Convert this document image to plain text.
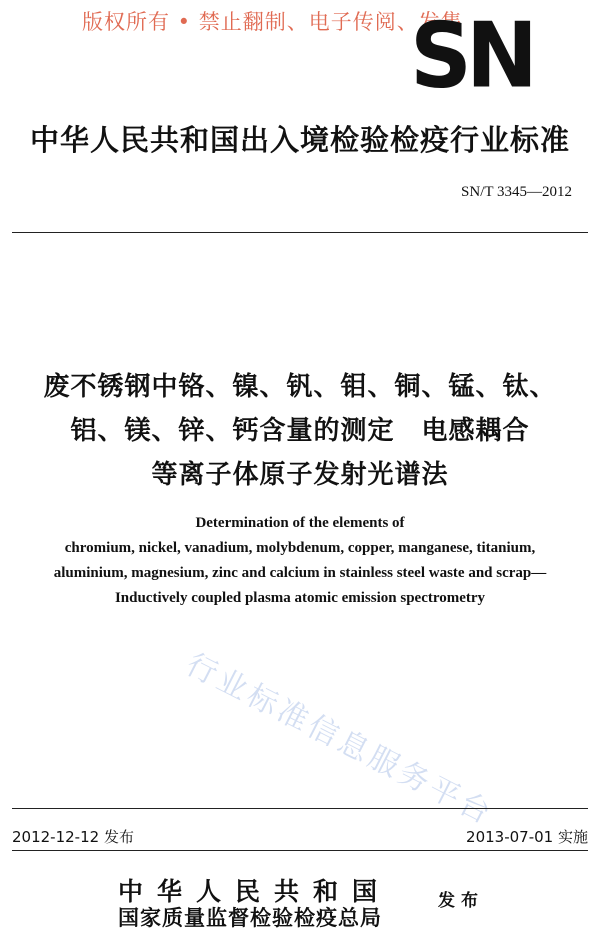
版权所有 • 禁止翻制、电子传阅、发售
SN
中华人民共和国出入境检验检疫行业标准
SN/T 3345—2012
废不锈钢中铬、镍、钒、钼、铜、锰、钛、
铝、镁、锌、钙含量的测定　电感耦合
等离子体原子发射光谱法
Determination of the elements of
chromium, nickel, vanadium, molybdenum, copper, manganese, titanium,
aluminium, magnesium, zinc and calcium in stainless steel waste and scrap—
Inductively coupled plasma atomic emission spectrometry
行业标准信息服务平台
2012-12-12 发布	2013-07-01 实施
中华人民共和国
国家质量监督检验检疫总局
发布
